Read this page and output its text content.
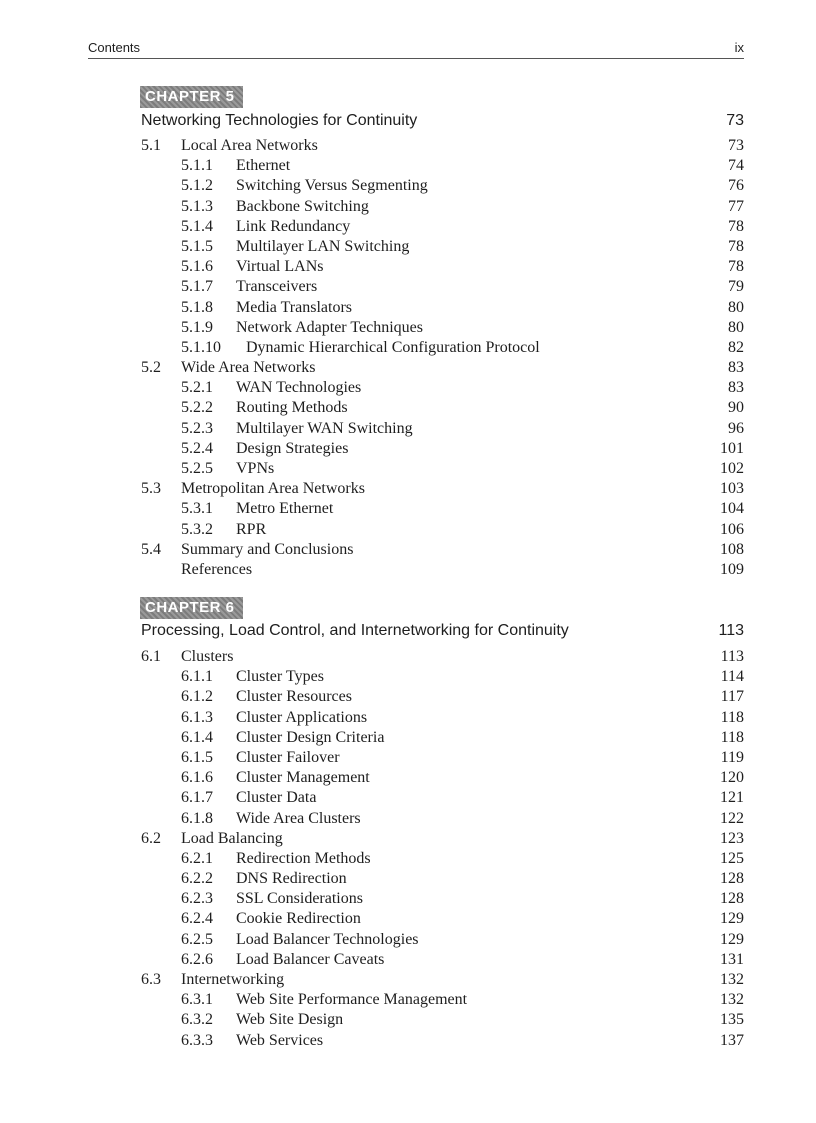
Contents	ix
CHAPTER 5
Networking Technologies for Continuity	73
5.1 Local Area Networks	73
5.1.1 Ethernet	74
5.1.2 Switching Versus Segmenting	76
5.1.3 Backbone Switching	77
5.1.4 Link Redundancy	78
5.1.5 Multilayer LAN Switching	78
5.1.6 Virtual LANs	78
5.1.7 Transceivers	79
5.1.8 Media Translators	80
5.1.9 Network Adapter Techniques	80
5.1.10 Dynamic Hierarchical Configuration Protocol	82
5.2 Wide Area Networks	83
5.2.1 WAN Technologies	83
5.2.2 Routing Methods	90
5.2.3 Multilayer WAN Switching	96
5.2.4 Design Strategies	101
5.2.5 VPNs	102
5.3 Metropolitan Area Networks	103
5.3.1 Metro Ethernet	104
5.3.2 RPR	106
5.4 Summary and Conclusions	108
References	109
CHAPTER 6
Processing, Load Control, and Internetworking for Continuity	113
6.1 Clusters	113
6.1.1 Cluster Types	114
6.1.2 Cluster Resources	117
6.1.3 Cluster Applications	118
6.1.4 Cluster Design Criteria	118
6.1.5 Cluster Failover	119
6.1.6 Cluster Management	120
6.1.7 Cluster Data	121
6.1.8 Wide Area Clusters	122
6.2 Load Balancing	123
6.2.1 Redirection Methods	125
6.2.2 DNS Redirection	128
6.2.3 SSL Considerations	128
6.2.4 Cookie Redirection	129
6.2.5 Load Balancer Technologies	129
6.2.6 Load Balancer Caveats	131
6.3 Internetworking	132
6.3.1 Web Site Performance Management	132
6.3.2 Web Site Design	135
6.3.3 Web Services	137
